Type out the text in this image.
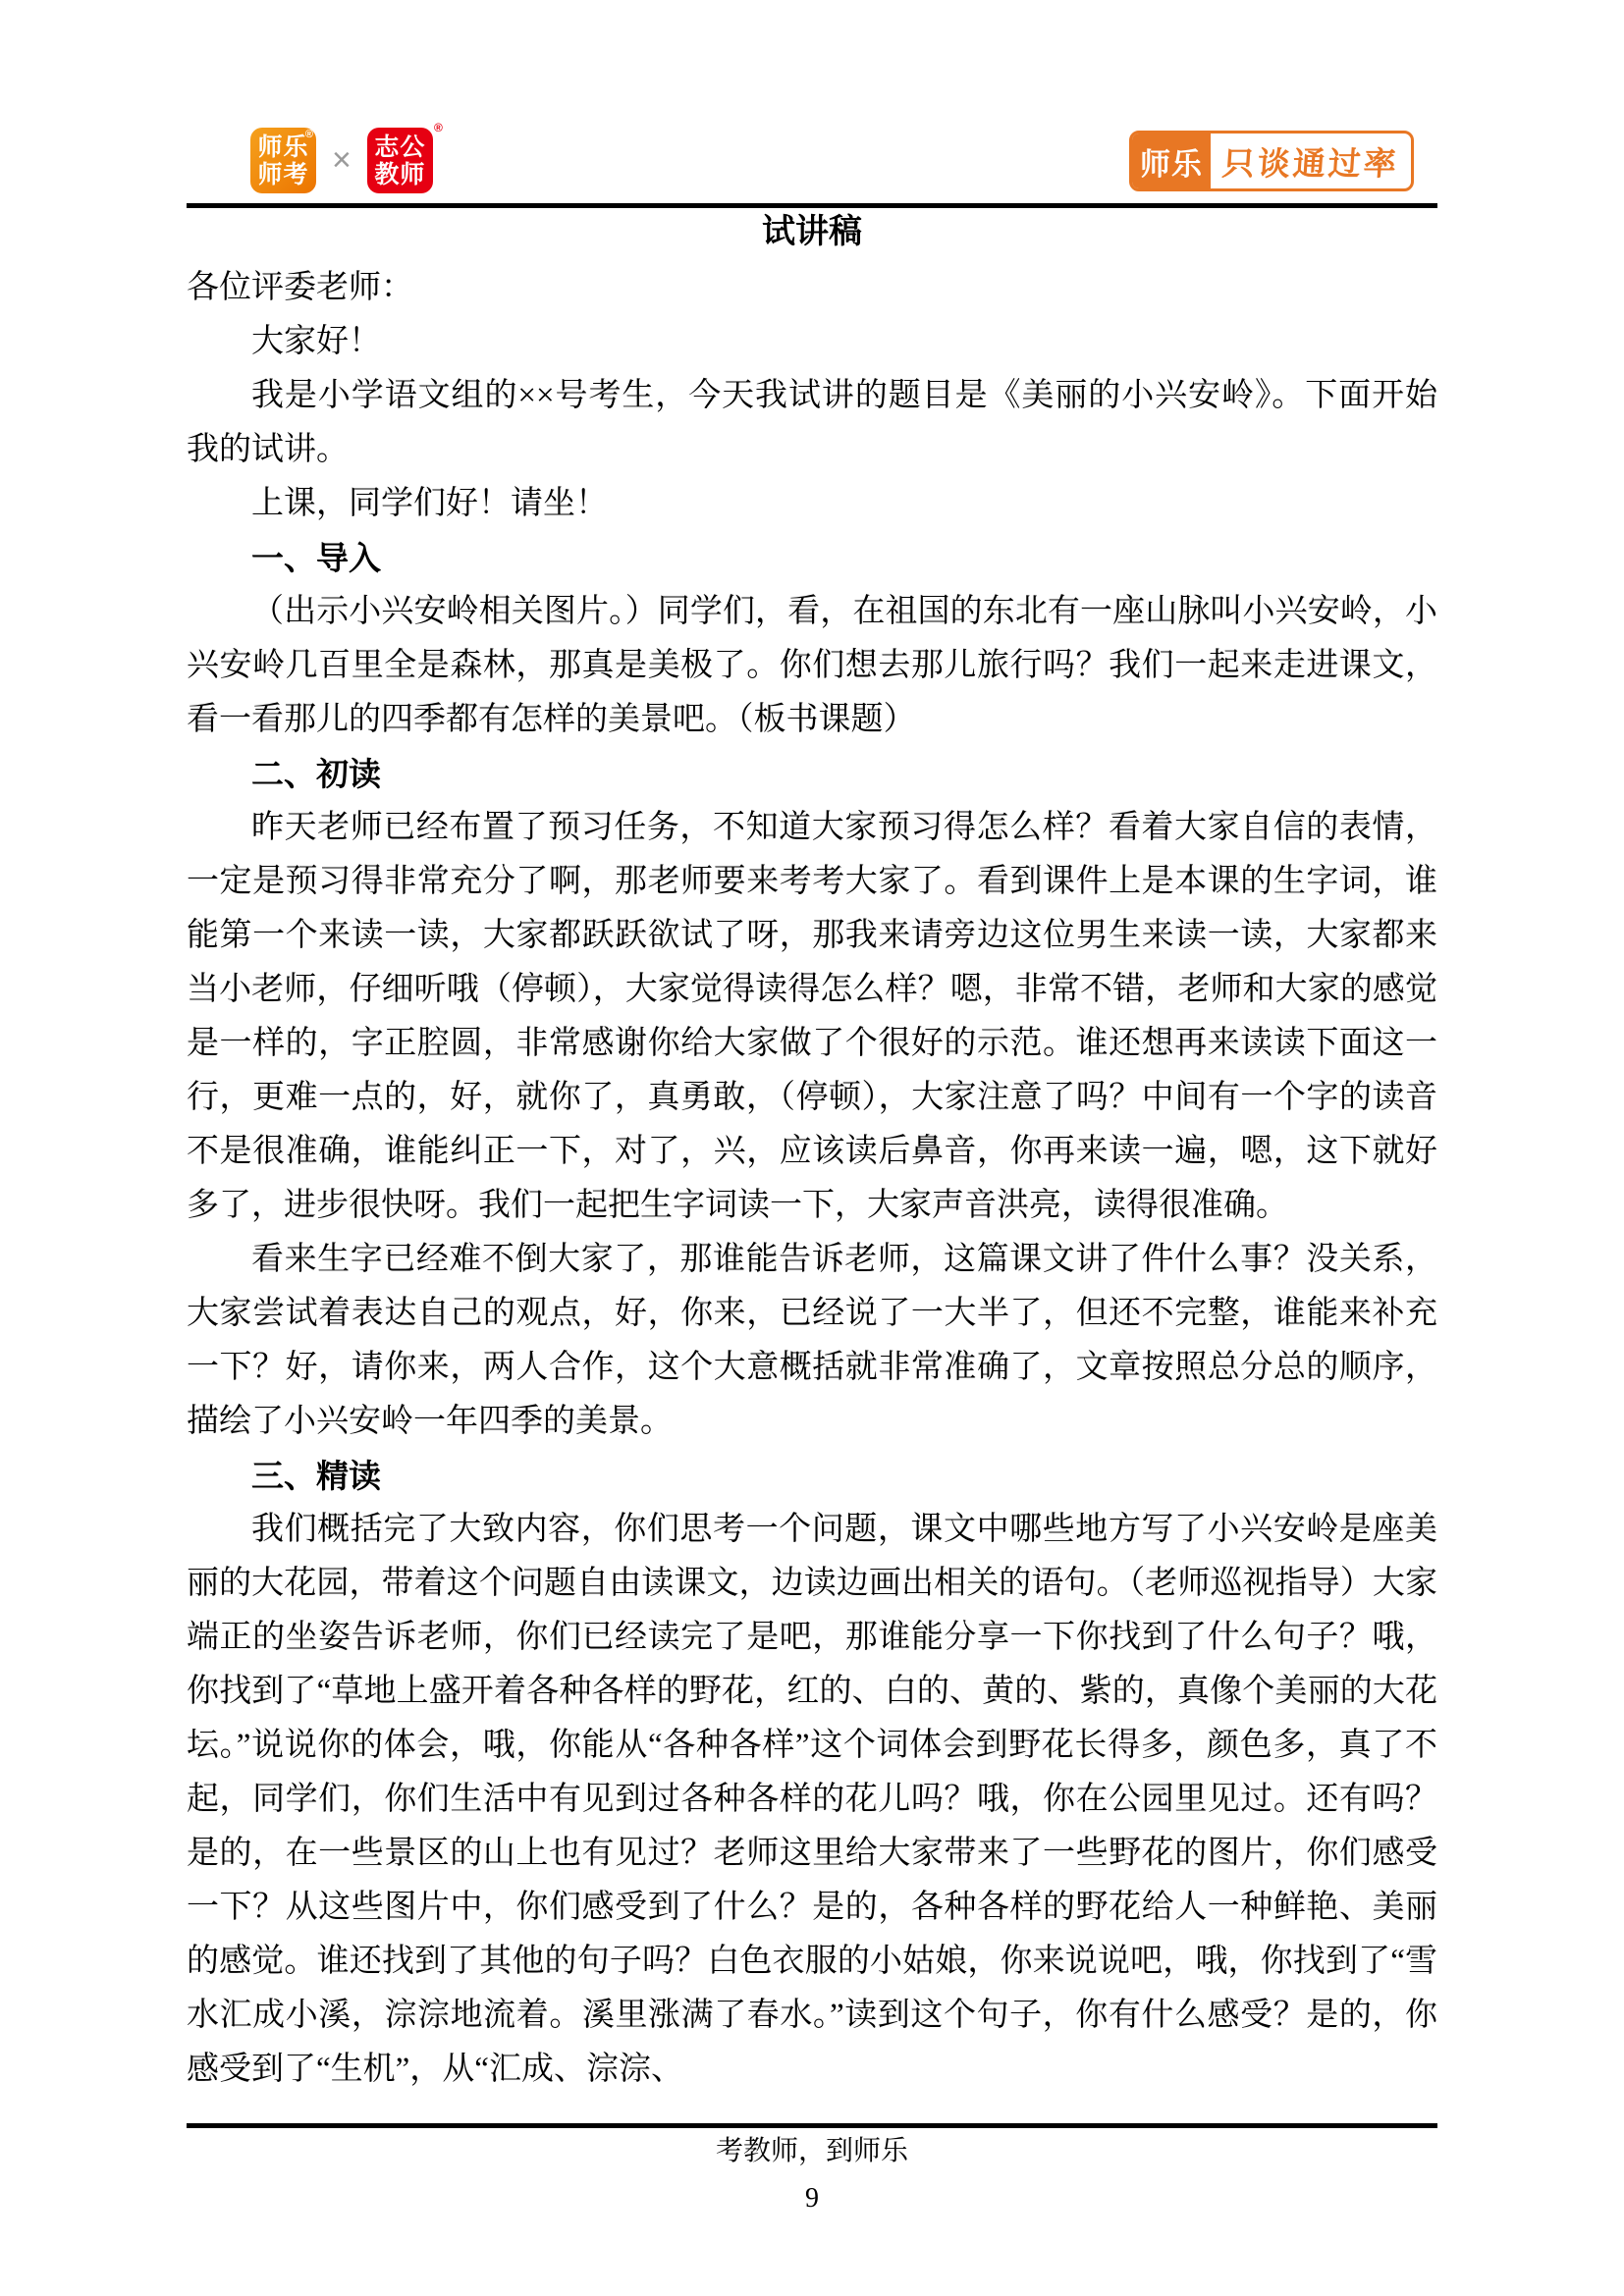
师乐
师考
®
× 志公
教师
®
师乐 只谈通过率
试讲稿

各位评委老师：

大家好！

我是小学语文组的××号考生，今天我试讲的题目是《美丽的小兴安岭》。下面开始我的试讲。

上课，同学们好！请坐！

一、导入

（出示小兴安岭相关图片。）同学们，看，在祖国的东北有一座山脉叫小兴安岭，小兴安岭几百里全是森林，那真是美极了。你们想去那儿旅行吗？我们一起来走进课文，看一看那儿的四季都有怎样的美景吧。（板书课题）

二、初读

昨天老师已经布置了预习任务，不知道大家预习得怎么样？看着大家自信的表情，一定是预习得非常充分了啊，那老师要来考考大家了。看到课件上是本课的生字词，谁能第一个来读一读，大家都跃跃欲试了呀，那我来请旁边这位男生来读一读，大家都来当小老师，仔细听哦（停顿），大家觉得读得怎么样？嗯，非常不错，老师和大家的感觉是一样的，字正腔圆，非常感谢你给大家做了个很好的示范。谁还想再来读读下面这一行，更难一点的，好，就你了，真勇敢，（停顿），大家注意了吗？中间有一个字的读音不是很准确，谁能纠正一下，对了，兴，应该读后鼻音，你再来读一遍，嗯，这下就好多了，进步很快呀。我们一起把生字词读一下，大家声音洪亮，读得很准确。

看来生字已经难不倒大家了，那谁能告诉老师，这篇课文讲了件什么事？没关系，大家尝试着表达自己的观点，好，你来，已经说了一大半了，但还不完整，谁能来补充一下？好，请你来，两人合作，这个大意概括就非常准确了，文章按照总分总的顺序，描绘了小兴安岭一年四季的美景。

三、精读

我们概括完了大致内容，你们思考一个问题，课文中哪些地方写了小兴安岭是座美丽的大花园，带着这个问题自由读课文，边读边画出相关的语句。（老师巡视指导）大家端正的坐姿告诉老师，你们已经读完了是吧，那谁能分享一下你找到了什么句子？哦，你找到了“草地上盛开着各种各样的野花，红的、白的、黄的、紫的，真像个美丽的大花坛。”说说你的体会，哦，你能从“各种各样”这个词体会到野花长得多，颜色多，真了不起，同学们，你们生活中有见到过各种各样的花儿吗？哦，你在公园里见过。还有吗？是的，在一些景区的山上也有见过？老师这里给大家带来了一些野花的图片，你们感受一下？从这些图片中，你们感受到了什么？是的，各种各样的野花给人一种鲜艳、美丽的感觉。谁还找到了其他的句子吗？白色衣服的小姑娘，你来说说吧，哦，你找到了“雪水汇成小溪，淙淙地流着。溪里涨满了春水。”读到这个句子，你有什么感受？是的，你感受到了“生机”，从“汇成、淙淙、

考教师，到师乐
9
